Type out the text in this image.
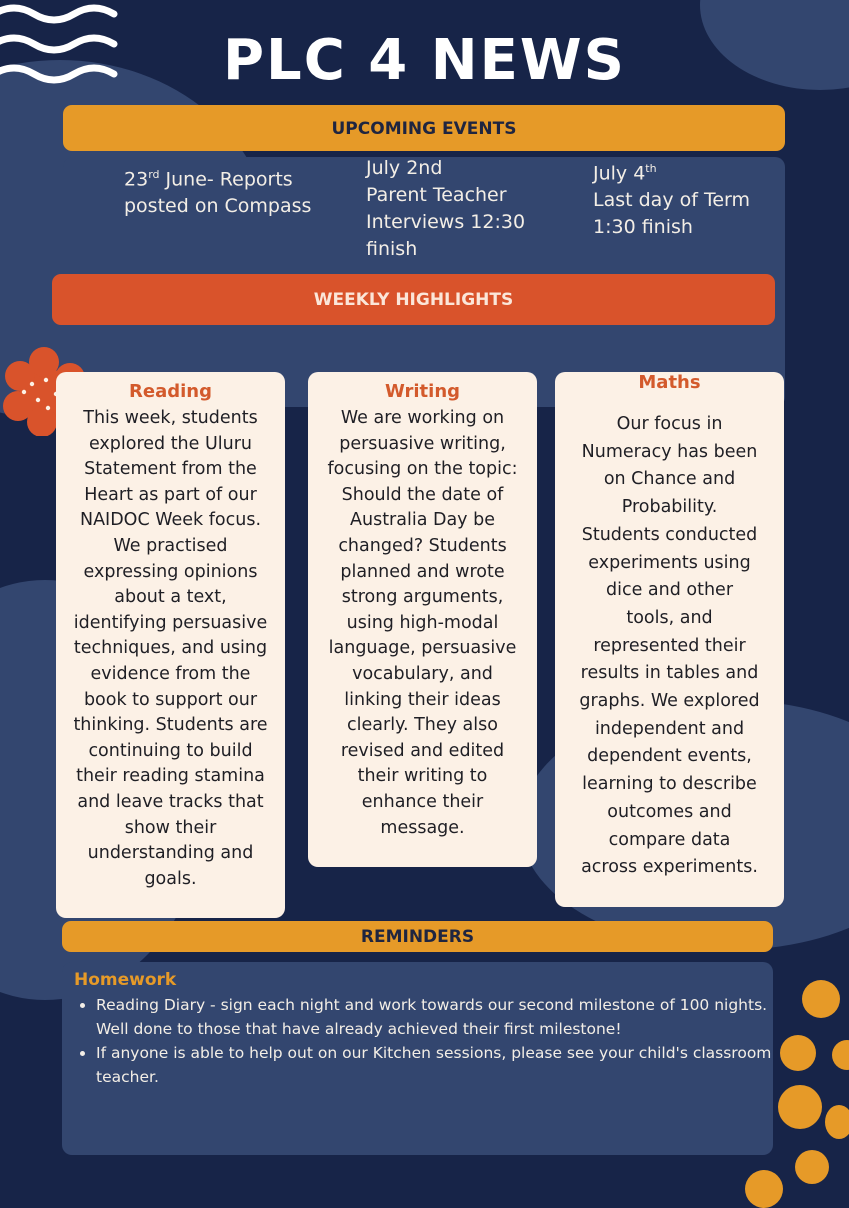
PLC 4 NEWS
UPCOMING EVENTS
23rd June- Reports
posted on Compass
July 2nd
Parent Teacher
Interviews 12:30
finish
July 4th
Last day of Term
1:30 finish
WEEKLY HIGHLIGHTS
Reading
This week, students
explored the Uluru
Statement from the
Heart as part of our
NAIDOC Week focus.
We practised
expressing opinions
about a text,
identifying persuasive
techniques, and using
evidence from the
book to support our
thinking. Students are
continuing to build
their reading stamina
and leave tracks that
show their
understanding and
goals.
Writing
We are working on
persuasive writing,
focusing on the topic:
Should the date of
Australia Day be
changed? Students
planned and wrote
strong arguments,
using high-modal
language, persuasive
vocabulary, and
linking their ideas
clearly. They also
revised and edited
their writing to
enhance their
message.
Maths
Our focus in
Numeracy has been
on Chance and
Probability.
Students conducted
experiments using
dice and other
tools, and
represented their
results in tables and
graphs. We explored
independent and
dependent events,
learning to describe
outcomes and
compare data
across experiments.
REMINDERS
Homework
• Reading Diary - sign each night and work towards our second milestone of 100 nights. Well done to those that have already achieved their first milestone!
• If anyone is able to help out on our Kitchen sessions, please see your child's classroom teacher.
